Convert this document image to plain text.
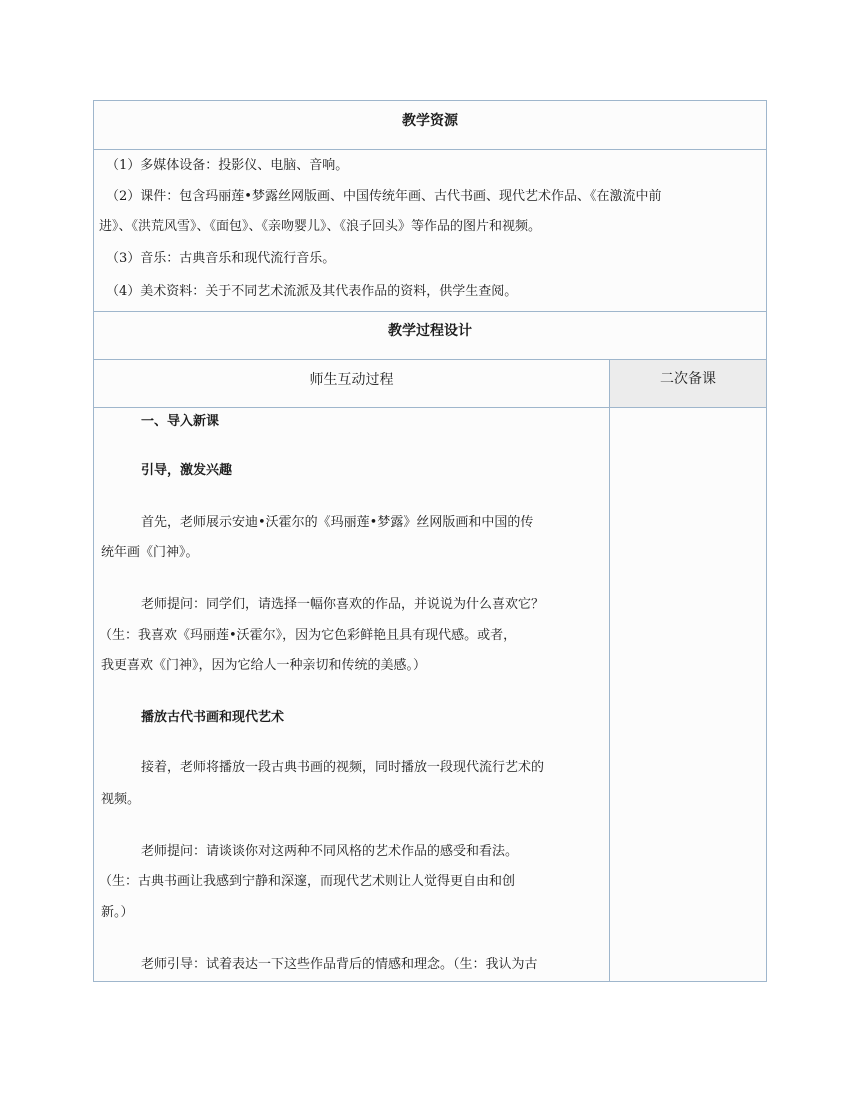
教学资源

（1）多媒体设备：投影仪、电脑、音响。

（2）课件：包含玛丽莲•梦露丝网版画、中国传统年画、古代书画、现代艺术作品、《在激流中前

进》、《洪荒风雪》、《面包》、《亲吻婴儿》、《浪子回头》等作品的图片和视频。

（3）音乐：古典音乐和现代流行音乐。

（4）美术资料：关于不同艺术流派及其代表作品的资料，供学生查阅。

教学过程设计
师生互动过程	二次备课

一、导入新课

引导，激发兴趣

首先，老师展示安迪•沃霍尔的《玛丽莲•梦露》丝网版画和中国的传

统年画《门神》。

老师提问：同学们，请选择一幅你喜欢的作品，并说说为什么喜欢它？

（生：我喜欢《玛丽莲•沃霍尔》，因为它色彩鲜艳且具有现代感。或者，

我更喜欢《门神》，因为它给人一种亲切和传统的美感。）

播放古代书画和现代艺术

接着，老师将播放一段古典书画的视频，同时播放一段现代流行艺术的

视频。

老师提问：请谈谈你对这两种不同风格的艺术作品的感受和看法。

（生：古典书画让我感到宁静和深邃，而现代艺术则让人觉得更自由和创

新。）

老师引导：试着表达一下这些作品背后的情感和理念。（生：我认为古
